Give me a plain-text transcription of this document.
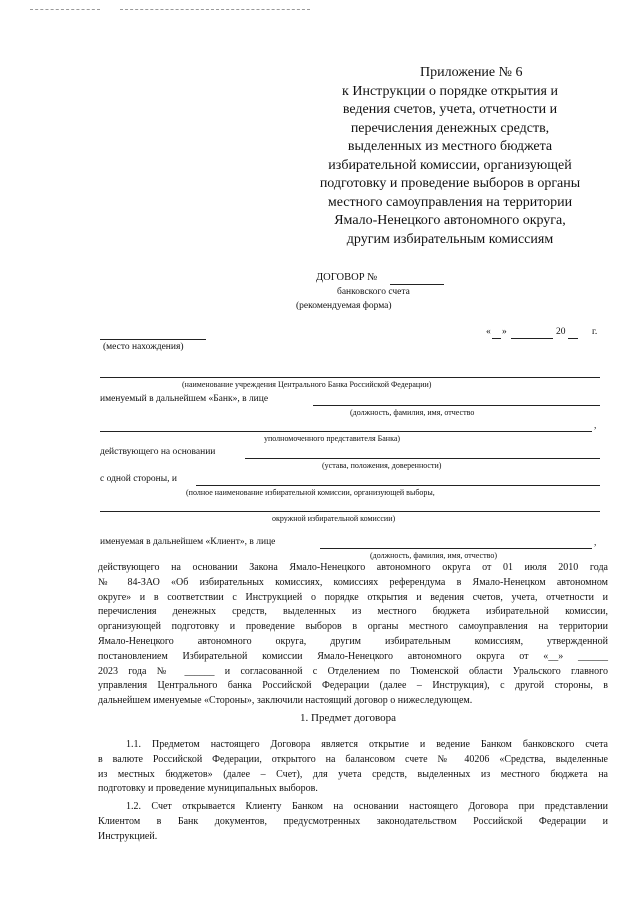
Приложение № 6
к Инструкции о порядке открытия и
ведения счетов, учета, отчетности и
перечисления денежных средств,
выделенных из местного бюджета
избирательной комиссии, организующей
подготовку и проведение выборов в органы
местного самоуправления на территории
Ямало-Ненецкого автономного округа,
другим избирательным комиссиям
ДОГОВОР №
банковского счета
(рекомендуемая форма)
(место нахождения)
« »	20	г.
(наименование учреждения Центрального Банка Российской Федерации)
именуемый в дальнейшем «Банк», в лице
(должность, фамилия, имя, отчество
,
уполномоченного представителя Банка)
действующего на основании
(устава, положения, доверенности)
с одной стороны, и
(полное наименование избирательной комиссии, организующей выборы,
окружной избирательной комиссии)
именуемая в дальнейшем «Клиент», в лице	,
(должность, фамилия, имя, отчество)
действующего на основании Закона Ямало-Ненецкого автономного округа от 01 июля 2010 года
№ 84-ЗАО «Об избирательных комиссиях, комиссиях референдума в Ямало-Ненецком автономном
округе» и в соответствии с Инструкцией о порядке открытия и ведения счетов, учета, отчетности и
перечисления денежных средств, выделенных из местного бюджета избирательной комиссии,
организующей подготовку и проведение выборов в органы местного самоуправления на территории
Ямало-Ненецкого автономного округа, другим избирательным комиссиям, утвержденной
постановлением Избирательной комиссии Ямало-Ненецкого автономного округа от «__» ______
2023 года № ______ и согласованной с Отделением по Тюменской области Уральского главного
управления Центрального банка Российской Федерации (далее – Инструкция), с другой стороны, в
дальнейшем именуемые «Стороны», заключили настоящий договор о нижеследующем.
1. Предмет договора
1.1. Предметом настоящего Договора является открытие и ведение Банком банковского счета
в валюте Российской Федерации, открытого на балансовом счете № 40206 «Средства, выделенные
из местных бюджетов» (далее – Счет), для учета средств, выделенных из местного бюджета на
подготовку и проведение муниципальных выборов.
1.2. Счет открывается Клиенту Банком на основании настоящего Договора при представлении
Клиентом в Банк документов, предусмотренных законодательством Российской Федерации и
Инструкцией.
